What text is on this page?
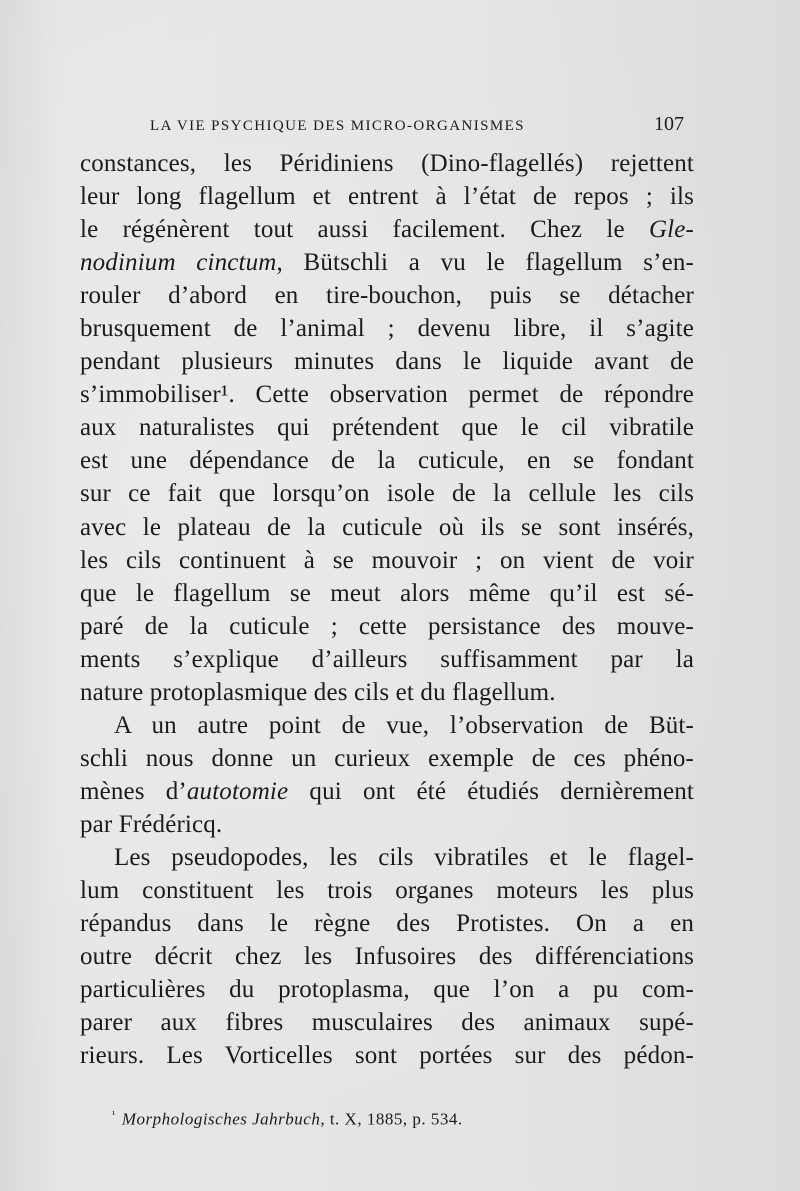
LA VIE PSYCHIQUE DES MICRO-ORGANISMES	107
constances, les Péridiniens (Dino-flagellés) rejettent
leur long flagellum et entrent à l’état de repos ; ils
le régénèrent tout aussi facilement. Chez le Gle-
nodinium cinctum, Bütschli a vu le flagellum s’en-
rouler d’abord en tire-bouchon, puis se détacher
brusquement de l’animal ; devenu libre, il s’agite
pendant plusieurs minutes dans le liquide avant de
s’immobiliser¹. Cette observation permet de répondre
aux naturalistes qui prétendent que le cil vibratile
est une dépendance de la cuticule, en se fondant
sur ce fait que lorsqu’on isole de la cellule les cils
avec le plateau de la cuticule où ils se sont insérés,
les cils continuent à se mouvoir ; on vient de voir
que le flagellum se meut alors même qu’il est sé-
paré de la cuticule ; cette persistance des mouve-
ments s’explique d’ailleurs suffisamment par la
nature protoplasmique des cils et du flagellum.
A un autre point de vue, l’observation de Büt-
schli nous donne un curieux exemple de ces phéno-
mènes d’autotomie qui ont été étudiés dernièrement
par Frédéricq.
Les pseudopodes, les cils vibratiles et le flagel-
lum constituent les trois organes moteurs les plus
répandus dans le règne des Protistes. On a en
outre décrit chez les Infusoires des différenciations
particulières du protoplasma, que l’on a pu com-
parer aux fibres musculaires des animaux supé-
rieurs. Les Vorticelles sont portées sur des pédon-
$^{^1}$ Morphologisches Jahrbuch, t. X, 1885, p. 534.
